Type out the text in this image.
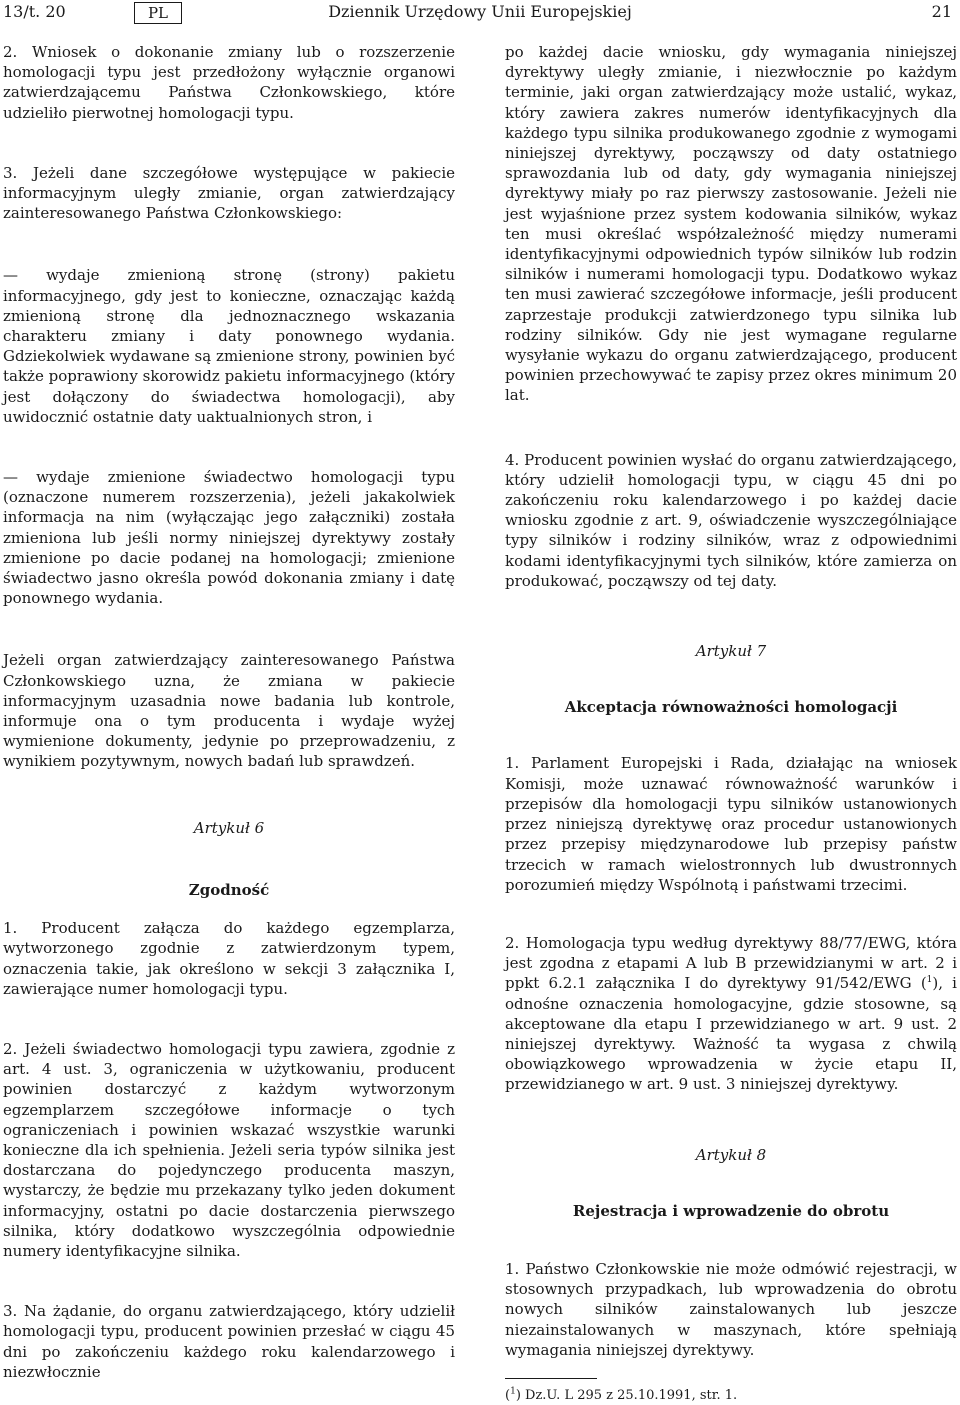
13/t. 20	PL	Dziennik Urzędowy Unii Europejskiej	21

2. Wniosek o dokonanie zmiany lub o rozszerzenie homologacji typu jest przedłożony wyłącznie organowi zatwierdzającemu Państwa Członkowskiego, które udzieliło pierwotnej homologacji typu.

3. Jeżeli dane szczegółowe występujące w pakiecie informacyjnym uległy zmianie, organ zatwierdzający zainteresowanego Państwa Członkowskiego:

— wydaje zmienioną stronę (strony) pakietu informacyjnego, gdy jest to konieczne, oznaczając każdą zmienioną stronę dla jednoznacznego wskazania charakteru zmiany i daty ponownego wydania. Gdziekolwiek wydawane są zmienione strony, powinien być także poprawiony skorowidz pakietu informacyjnego (który jest dołączony do świadectwa homologacji), aby uwidocznić ostatnie daty uaktualnionych stron, i

— wydaje zmienione świadectwo homologacji typu (oznaczone numerem rozszerzenia), jeżeli jakakolwiek informacja na nim (wyłączając jego załączniki) została zmieniona lub jeśli normy niniejszej dyrektywy zostały zmienione po dacie podanej na homologacji; zmienione świadectwo jasno określa powód dokonania zmiany i datę ponownego wydania.

Jeżeli organ zatwierdzający zainteresowanego Państwa Członkowskiego uzna, że zmiana w pakiecie informacyjnym uzasadnia nowe badania lub kontrole, informuje ona o tym producenta i wydaje wyżej wymienione dokumenty, jedynie po przeprowadzeniu, z wynikiem pozytywnym, nowych badań lub sprawdzeń.

Artykuł 6

Zgodność

1. Producent załącza do każdego egzemplarza, wytworzonego zgodnie z zatwierdzonym typem, oznaczenia takie, jak określono w sekcji 3 załącznika I, zawierające numer homologacji typu.

2. Jeżeli świadectwo homologacji typu zawiera, zgodnie z art. 4 ust. 3, ograniczenia w użytkowaniu, producent powinien dostarczyć z każdym wytworzonym egzemplarzem szczegółowe informacje o tych ograniczeniach i powinien wskazać wszystkie warunki konieczne dla ich spełnienia. Jeżeli seria typów silnika jest dostarczana do pojedynczego producenta maszyn, wystarczy, że będzie mu przekazany tylko jeden dokument informacyjny, ostatni po dacie dostarczenia pierwszego silnika, który dodatkowo wyszczególnia odpowiednie numery identyfikacyjne silnika.

3. Na żądanie, do organu zatwierdzającego, który udzielił homologacji typu, producent powinien przesłać w ciągu 45 dni po zakończeniu każdego roku kalendarzowego i niezwłocznie

po każdej dacie wniosku, gdy wymagania niniejszej dyrektywy uległy zmianie, i niezwłocznie po każdym terminie, jaki organ zatwierdzający może ustalić, wykaz, który zawiera zakres numerów identyfikacyjnych dla każdego typu silnika produkowanego zgodnie z wymogami niniejszej dyrektywy, począwszy od daty ostatniego sprawozdania lub od daty, gdy wymagania niniejszej dyrektywy miały po raz pierwszy zastosowanie. Jeżeli nie jest wyjaśnione przez system kodowania silników, wykaz ten musi określać współzależność między numerami identyfikacyjnymi odpowiednich typów silników lub rodzin silników i numerami homologacji typu. Dodatkowo wykaz ten musi zawierać szczegółowe informacje, jeśli producent zaprzestaje produkcji zatwierdzonego typu silnika lub rodziny silników. Gdy nie jest wymagane regularne wysyłanie wykazu do organu zatwierdzającego, producent powinien przechowywać te zapisy przez okres minimum 20 lat.

4. Producent powinien wysłać do organu zatwierdzającego, który udzielił homologacji typu, w ciągu 45 dni po zakończeniu roku kalendarzowego i po każdej dacie wniosku zgodnie z art. 9, oświadczenie wyszczególniające typy silników i rodziny silników, wraz z odpowiednimi kodami identyfikacyjnymi tych silników, które zamierza on produkować, począwszy od tej daty.

Artykuł 7

Akceptacja równoważności homologacji

1. Parlament Europejski i Rada, działając na wniosek Komisji, może uznawać równoważność warunków i przepisów dla homologacji typu silników ustanowionych przez niniejszą dyrektywę oraz procedur ustanowionych przez przepisy międzynarodowe lub przepisy państw trzecich w ramach wielostronnych lub dwustronnych porozumień między Wspólnotą i państwami trzecimi.

2. Homologacja typu według dyrektywy 88/77/EWG, która jest zgodna z etapami A lub B przewidzianymi w art. 2 i ppkt 6.2.1 załącznika I do dyrektywy 91/542/EWG ($^1$), i odnośne oznaczenia homologacyjne, gdzie stosowne, są akceptowane dla etapu I przewidzianego w art. 9 ust. 2 niniejszej dyrektywy. Ważność ta wygasa z chwilą obowiązkowego wprowadzenia w życie etapu II, przewidzianego w art. 9 ust. 3 niniejszej dyrektywy.

Artykuł 8

Rejestracja i wprowadzenie do obrotu

1. Państwo Członkowskie nie może odmówić rejestracji, w stosownych przypadkach, lub wprowadzenia do obrotu nowych silników zainstalowanych lub jeszcze niezainstalowanych w maszynach, które spełniają wymagania niniejszej dyrektywy.

($^1$) Dz.U. L 295 z 25.10.1991, str. 1.
